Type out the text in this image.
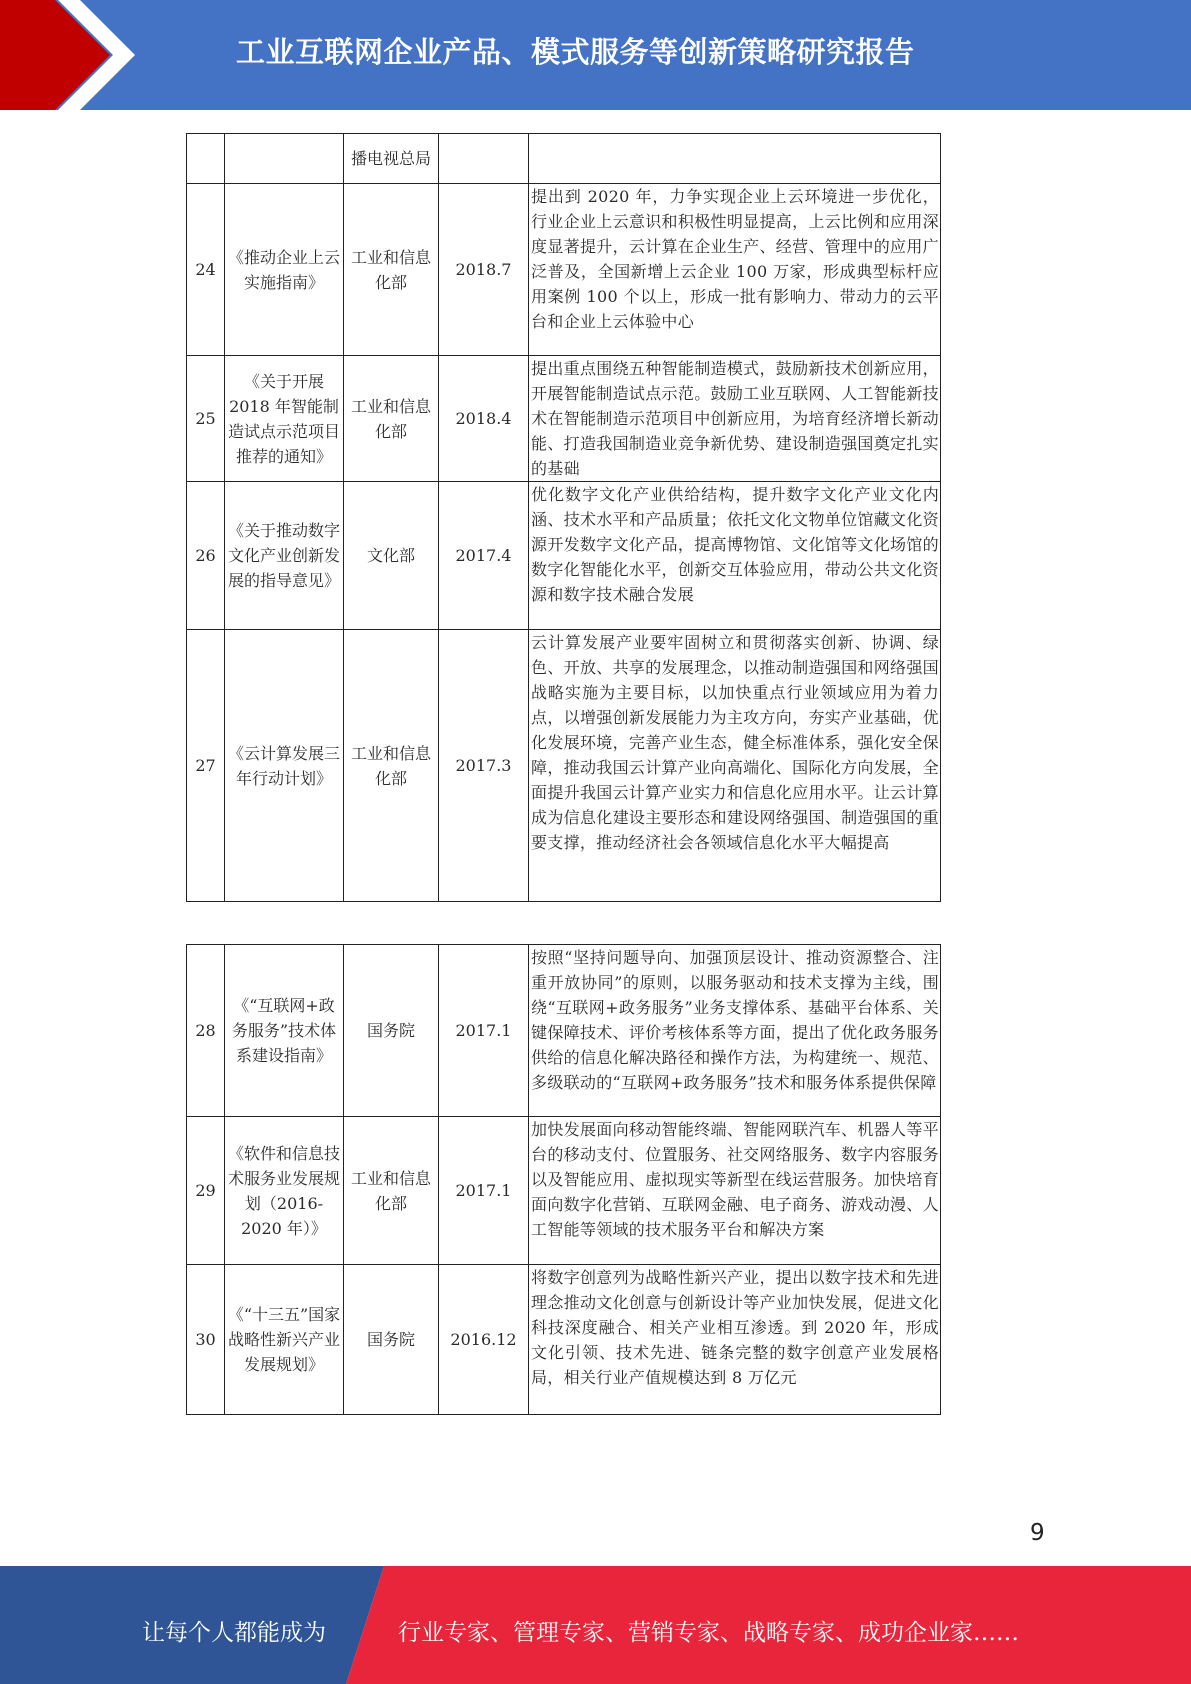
工业互联网企业产品、模式服务等创新策略研究报告
		播电视总局		
24	《推动企业上云实施指南》	工业和信息化部	2018.7	提出到 2020 年，力争实现企业上云环境进一步优化，行业企业上云意识和积极性明显提高，上云比例和应用深度显著提升，云计算在企业生产、经营、管理中的应用广泛普及，全国新增上云企业 100 万家，形成典型标杆应用案例 100 个以上，形成一批有影响力、带动力的云平台和企业上云体验中心
25	《关于开展 2018 年智能制造试点示范项目推荐的通知》	工业和信息化部	2018.4	提出重点围绕五种智能制造模式，鼓励新技术创新应用，开展智能制造试点示范。鼓励工业互联网、人工智能新技术在智能制造示范项目中创新应用，为培育经济增长新动能、打造我国制造业竞争新优势、建设制造强国奠定扎实的基础
26	《关于推动数字文化产业创新发展的指导意见》	文化部	2017.4	优化数字文化产业供给结构，提升数字文化产业文化内涵、技术水平和产品质量；依托文化文物单位馆藏文化资源开发数字文化产品，提高博物馆、文化馆等文化场馆的数字化智能化水平，创新交互体验应用，带动公共文化资源和数字技术融合发展
27	《云计算发展三年行动计划》	工业和信息化部	2017.3	云计算发展产业要牢固树立和贯彻落实创新、协调、绿色、开放、共享的发展理念，以推动制造强国和网络强国战略实施为主要目标，以加快重点行业领域应用为着力点，以增强创新发展能力为主攻方向，夯实产业基础，优化发展环境，完善产业生态，健全标准体系，强化安全保障，推动我国云计算产业向高端化、国际化方向发展，全面提升我国云计算产业实力和信息化应用水平。让云计算成为信息化建设主要形态和建设网络强国、制造强国的重要支撑，推动经济社会各领域信息化水平大幅提高
28	《“互联网+政务服务”技术体系建设指南》	国务院	2017.1	按照“坚持问题导向、加强顶层设计、推动资源整合、注重开放协同”的原则，以服务驱动和技术支撑为主线，围绕“互联网+政务服务”业务支撑体系、基础平台体系、关键保障技术、评价考核体系等方面，提出了优化政务服务供给的信息化解决路径和操作方法，为构建统一、规范、多级联动的“互联网+政务服务”技术和服务体系提供保障
29	《软件和信息技术服务业发展规划（2016-2020 年）》	工业和信息化部	2017.1	加快发展面向移动智能终端、智能网联汽车、机器人等平台的移动支付、位置服务、社交网络服务、数字内容服务以及智能应用、虚拟现实等新型在线运营服务。加快培育面向数字化营销、互联网金融、电子商务、游戏动漫、人工智能等领域的技术服务平台和解决方案
30	《“十三五”国家战略性新兴产业发展规划》	国务院	2016.12	将数字创意列为战略性新兴产业，提出以数字技术和先进理念推动文化创意与创新设计等产业加快发展，促进文化科技深度融合、相关产业相互渗透。到 2020 年，形成文化引领、技术先进、链条完整的数字创意产业发展格局，相关行业产值规模达到 8 万亿元
9
让每个人都能成为	行业专家、管理专家、营销专家、战略专家、成功企业家……
